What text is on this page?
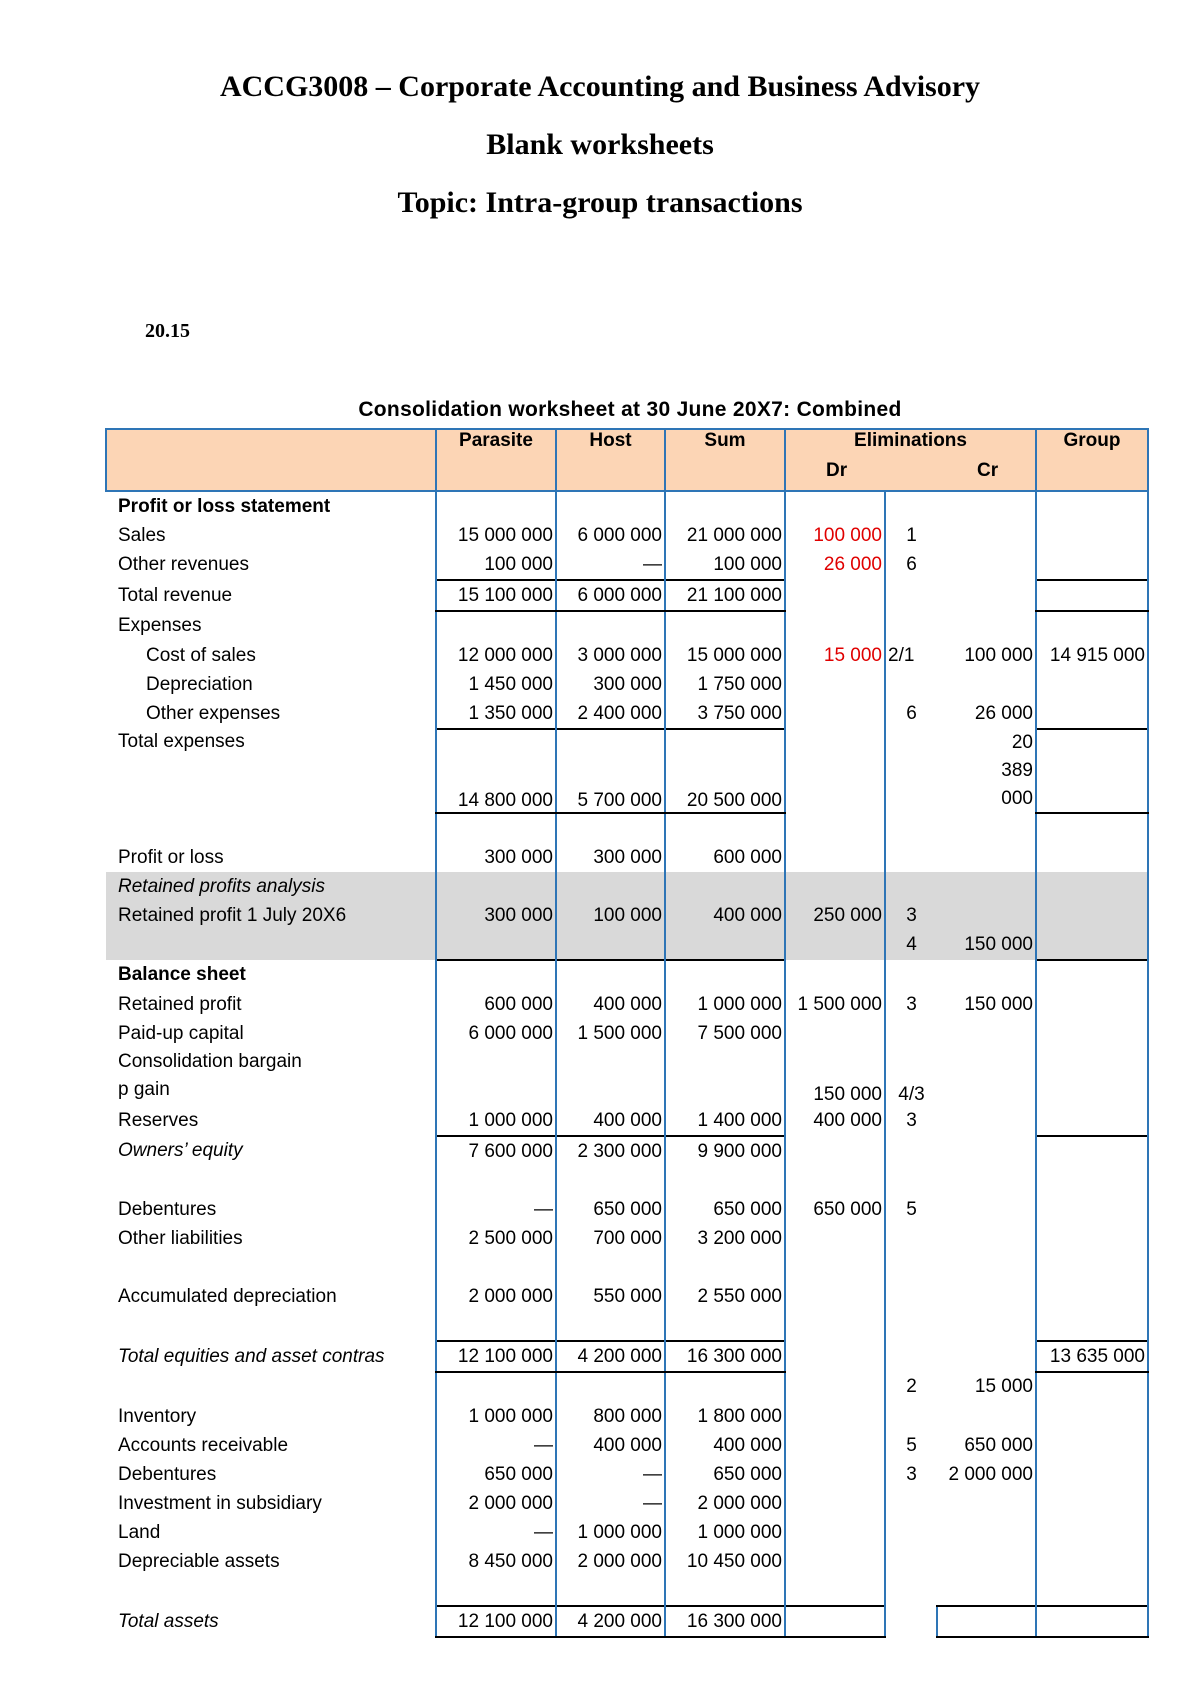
ACCG3008 – Corporate Accounting and Business Advisory
Blank worksheets
Topic: Intra-group transactions
20.15
Consolidation worksheet at 30 June 20X7: Combined
	Parasite	Host	Sum	Eliminations			Group
				Dr		Cr	
Profit or loss statement							
Sales	15 000 000	6 000 000	21 000 000	100 000	1		
Other revenues	100 000	—	100 000	26 000	6		
Total revenue	15 100 000	6 000 000	21 100 000				
Expenses							
Cost of sales	12 000 000	3 000 000	15 000 000	15 000	2/1	100 000	14 915 000
Depreciation	1 450 000	300 000	1 750 000				
Other expenses	1 350 000	2 400 000	3 750 000		6	26 000	
Total expenses	14 800 000	5 700 000	20 500 000			20 389 000	

Profit or loss	300 000	300 000	600 000				
Retained profits analysis							
Retained profit 1 July 20X6	300 000	100 000	400 000	250 000	3		
					4	150 000	
Balance sheet							
Retained profit	600 000	400 000	1 000 000	1 500 000	3	150 000	
Paid-up capital	6 000 000	1 500 000	7 500 000				
Consolidation bargain p gain				150 000	4/3		
Reserves	1 000 000	400 000	1 400 000	400 000	3		
Owners’ equity	7 600 000	2 300 000	9 900 000				

Debentures	—	650 000	650 000	650 000	5		
Other liabilities	2 500 000	700 000	3 200 000				

Accumulated depreciation	2 000 000	550 000	2 550 000				

Total equities and asset contras	12 100 000	4 200 000	16 300 000				13 635 000
					2	15 000	
Inventory	1 000 000	800 000	1 800 000				
Accounts receivable	—	400 000	400 000		5	650 000	
Debentures	650 000	—	650 000		3	2 000 000	
Investment in subsidiary	2 000 000	—	2 000 000				
Land	—	1 000 000	1 000 000				
Depreciable assets	8 450 000	2 000 000	10 450 000				

Total assets	12 100 000	4 200 000	16 300 000				
